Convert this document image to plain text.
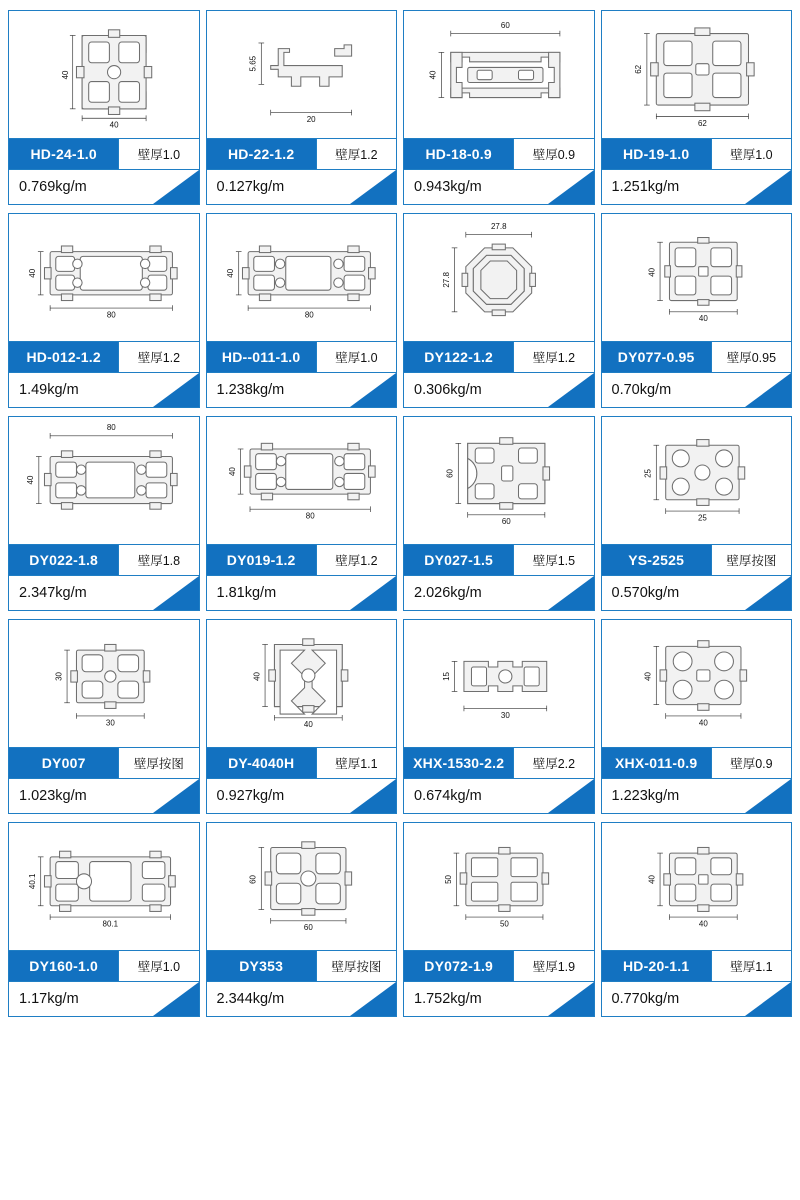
40
40
HD-24-1.0	壁厚1.0
0.769kg/m
5.65
20
HD-22-1.2	壁厚1.2
0.127kg/m
40
60
HD-18-0.9	壁厚0.9
0.943kg/m
62
62
HD-19-1.0	壁厚1.0
1.251kg/m
40
80
HD-012-1.2	壁厚1.2
1.49kg/m
40
80
HD--011-1.0	壁厚1.0
1.238kg/m
27.8
27.8
DY122-1.2	壁厚1.2
0.306kg/m
40
40
DY077-0.95	壁厚0.95
0.70kg/m
80
40
DY022-1.8	壁厚1.8
2.347kg/m
40
80
DY019-1.2	壁厚1.2
1.81kg/m
60
60
DY027-1.5	壁厚1.5
2.026kg/m
25
25
YS-2525	壁厚按图
0.570kg/m
30
30
DY007	壁厚按图
1.023kg/m
40
40
DY-4040H	壁厚1.1
0.927kg/m
15
30
XHX-1530-2.2	壁厚2.2
0.674kg/m
40
40
XHX-011-0.9	壁厚0.9
1.223kg/m
40.1
80.1
DY160-1.0	壁厚1.0
1.17kg/m
60
60
DY353	壁厚按图
2.344kg/m
50
50
DY072-1.9	壁厚1.9
1.752kg/m
40
40
HD-20-1.1	壁厚1.1
0.770kg/m
